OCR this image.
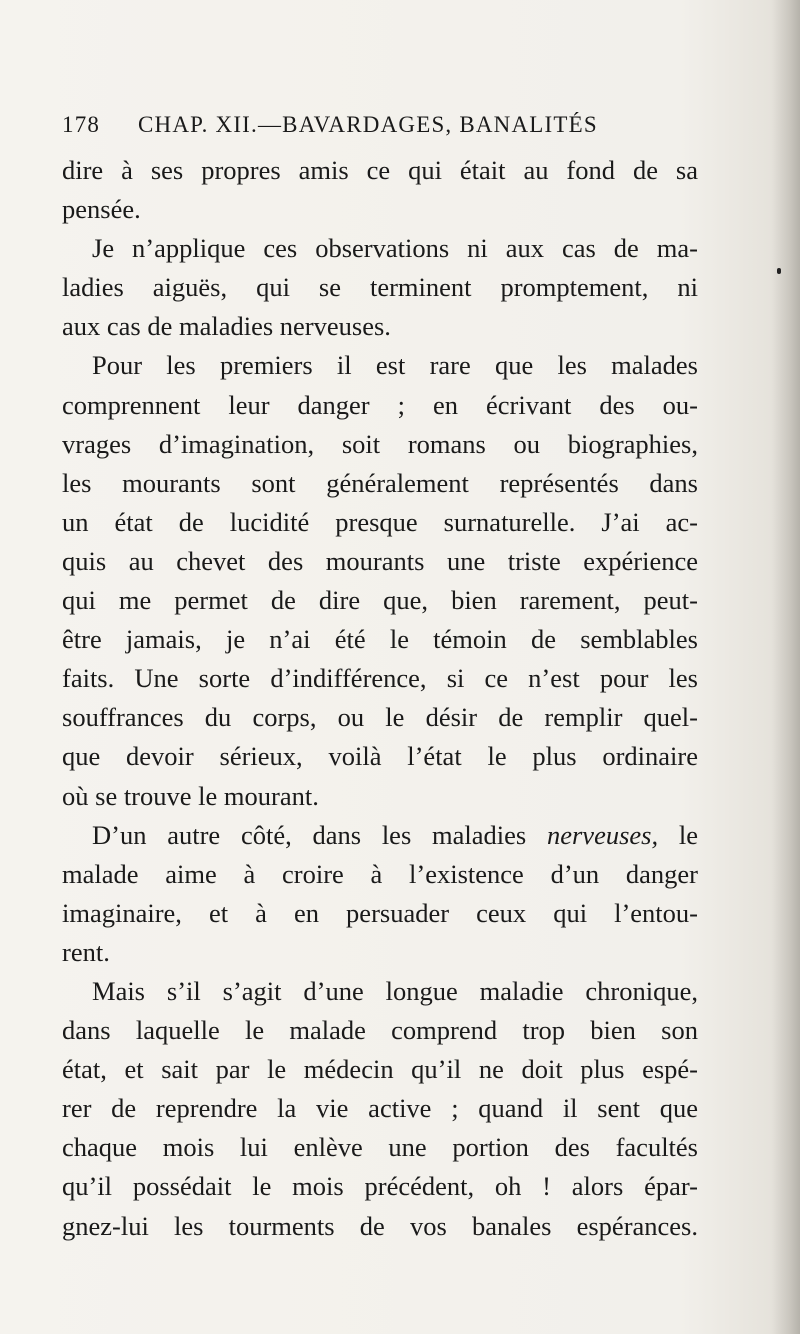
178 CHAP. XII.—BAVARDAGES, BANALITÉS
dire à ses propres amis ce qui était au fond de sa
pensée.
Je n’applique ces observations ni aux cas de ma-
ladies aiguës, qui se terminent promptement, ni
aux cas de maladies nerveuses.
Pour les premiers il est rare que les malades
comprennent leur danger ; en écrivant des ou-
vrages d’imagination, soit romans ou biographies,
les mourants sont généralement représentés dans
un état de lucidité presque surnaturelle. J’ai ac-
quis au chevet des mourants une triste expérience
qui me permet de dire que, bien rarement, peut-
être jamais, je n’ai été le témoin de semblables
faits. Une sorte d’indifférence, si ce n’est pour les
souffrances du corps, ou le désir de remplir quel-
que devoir sérieux, voilà l’état le plus ordinaire
où se trouve le mourant.
D’un autre côté, dans les maladies nerveuses, le
malade aime à croire à l’existence d’un danger
imaginaire, et à en persuader ceux qui l’entou-
rent.
Mais s’il s’agit d’une longue maladie chronique,
dans laquelle le malade comprend trop bien son
état, et sait par le médecin qu’il ne doit plus espé-
rer de reprendre la vie active ; quand il sent que
chaque mois lui enlève une portion des facultés
qu’il possédait le mois précédent, oh ! alors épar-
gnez-lui les tourments de vos banales espérances.
